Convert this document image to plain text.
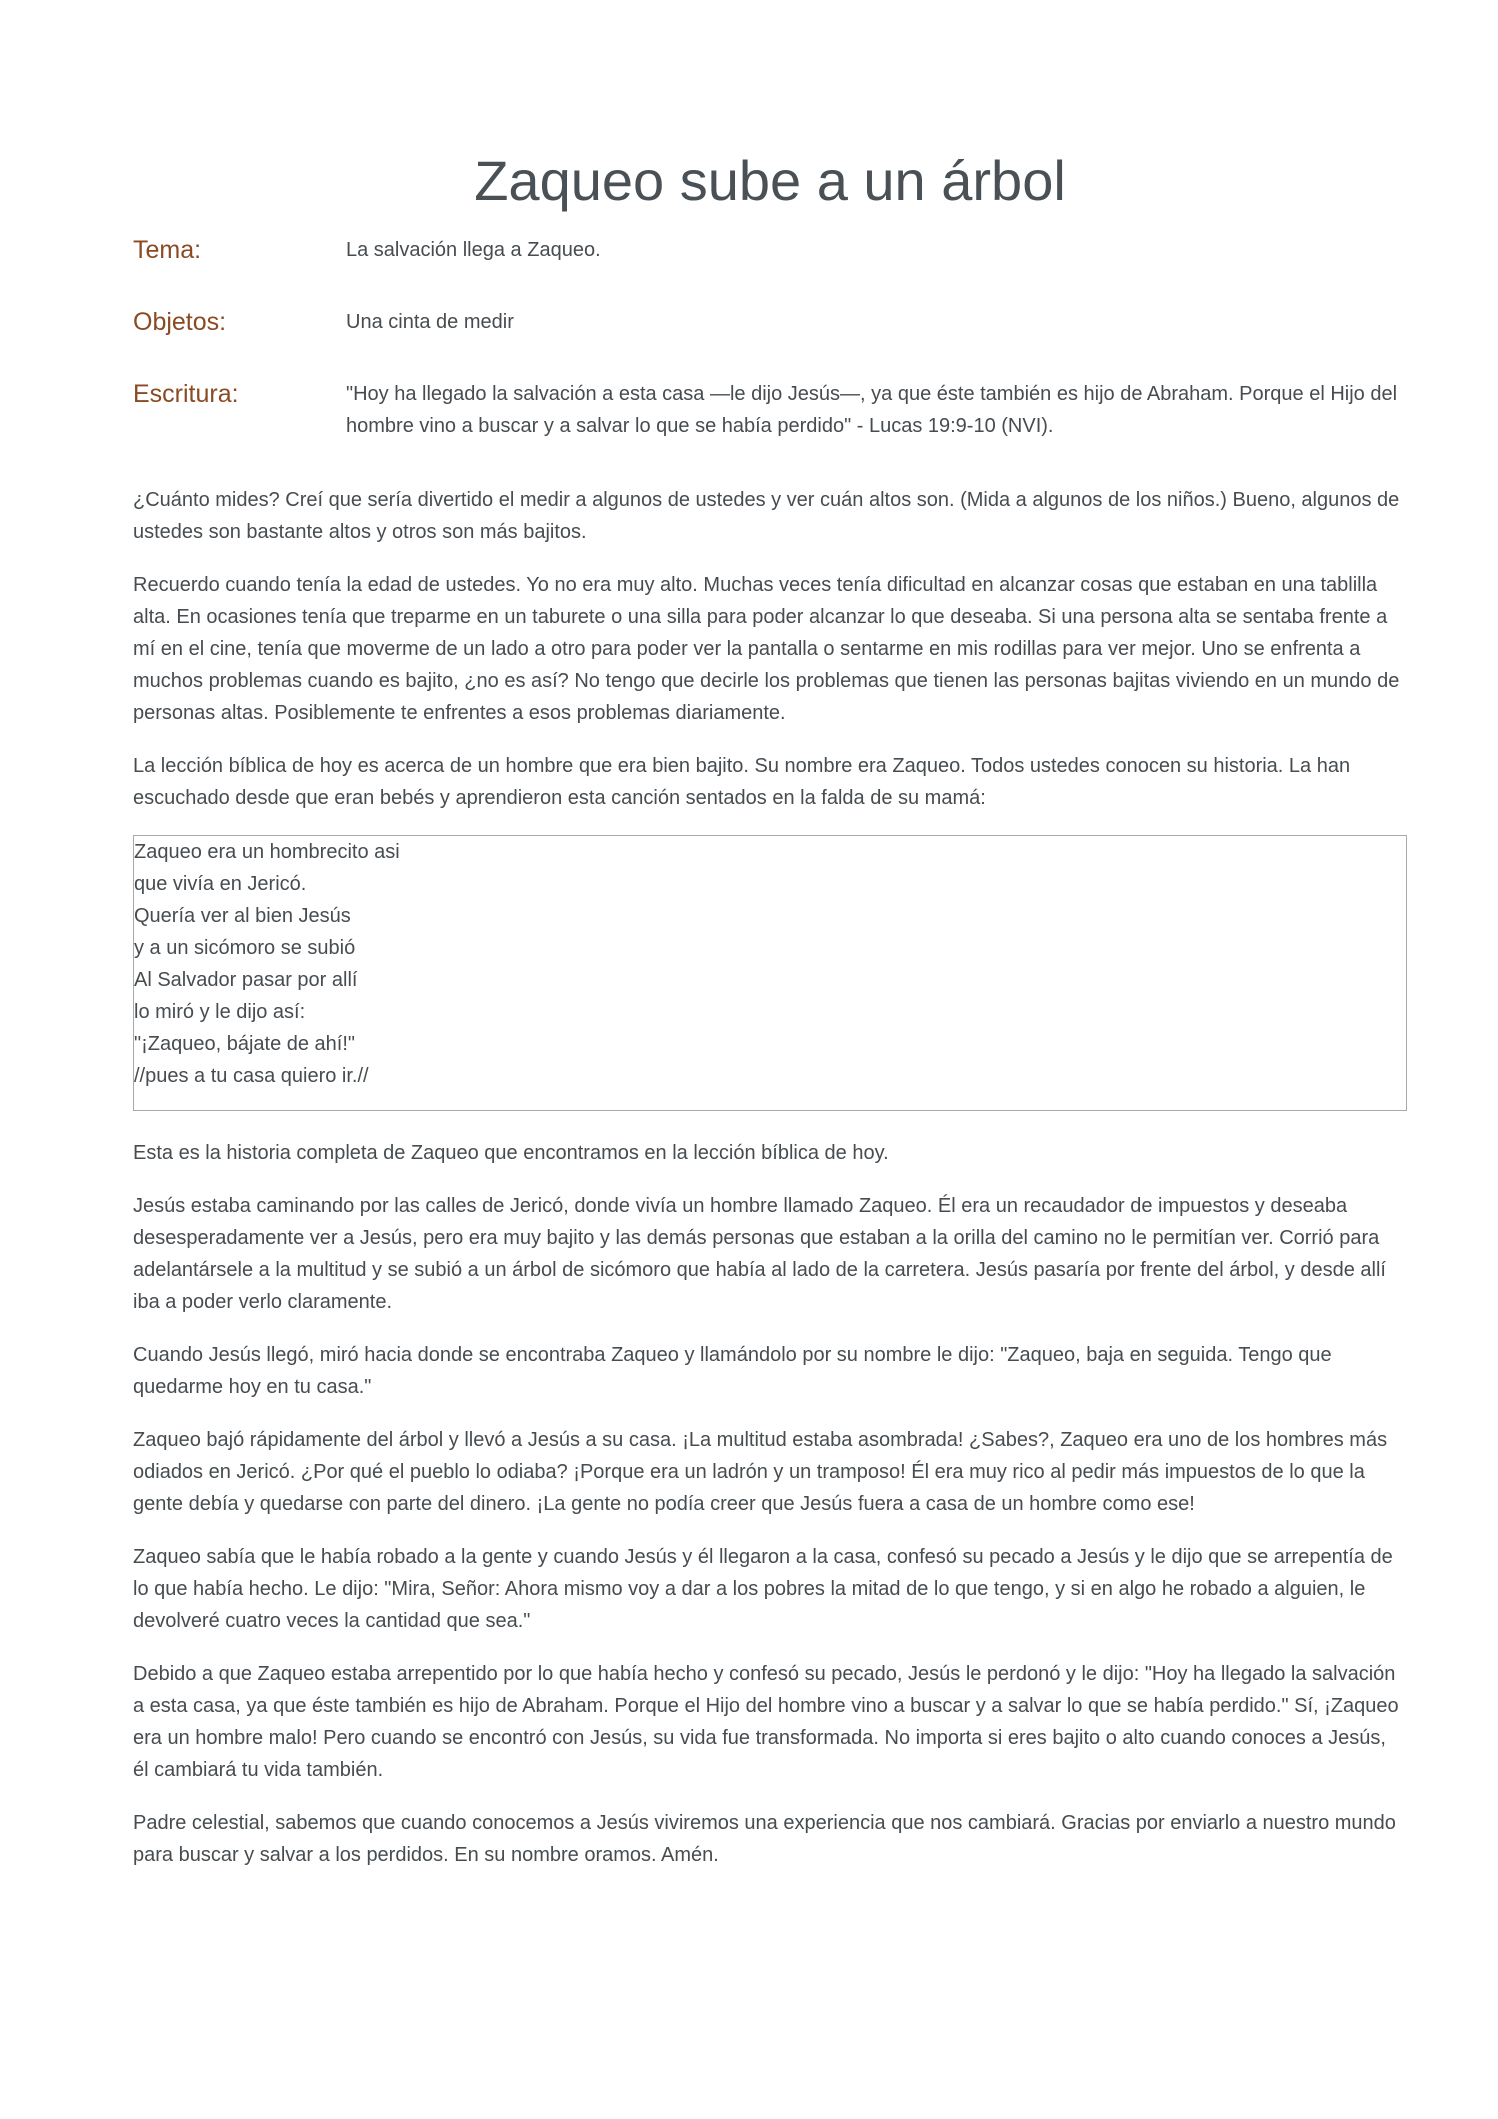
Zaqueo sube a un árbol
Tema:	La salvación llega a Zaqueo.
Objetos:	Una cinta de medir
Escritura:	"Hoy ha llegado la salvación a esta casa —le dijo Jesús—, ya que éste también es hijo de Abraham. Porque el Hijo del hombre vino a buscar y a salvar lo que se había perdido" - Lucas 19:9-10 (NVI).

¿Cuánto mides? Creí que sería divertido el medir a algunos de ustedes y ver cuán altos son. (Mida a algunos de los niños.) Bueno, algunos de ustedes son bastante altos y otros son más bajitos.

Recuerdo cuando tenía la edad de ustedes. Yo no era muy alto. Muchas veces tenía dificultad en alcanzar cosas que estaban en una tablilla alta. En ocasiones tenía que treparme en un taburete o una silla para poder alcanzar lo que deseaba. Si una persona alta se sentaba frente a mí en el cine, tenía que moverme de un lado a otro para poder ver la pantalla o sentarme en mis rodillas para ver mejor. Uno se enfrenta a muchos problemas cuando es bajito, ¿no es así? No tengo que decirle los problemas que tienen las personas bajitas viviendo en un mundo de personas altas. Posiblemente te enfrentes a esos problemas diariamente.

La lección bíblica de hoy es acerca de un hombre que era bien bajito. Su nombre era Zaqueo. Todos ustedes conocen su historia. La han escuchado desde que eran bebés y aprendieron esta canción sentados en la falda de su mamá:

Zaqueo era un hombrecito asi
que vivía en Jericó.
Quería ver al bien Jesús
y a un sicómoro se subió
Al Salvador pasar por allí
lo miró y le dijo así:
"¡Zaqueo, bájate de ahí!"
//pues a tu casa quiero ir.//

Esta es la historia completa de Zaqueo que encontramos en la lección bíblica de hoy.

Jesús estaba caminando por las calles de Jericó, donde vivía un hombre llamado Zaqueo. Él era un recaudador de impuestos y deseaba desesperadamente ver a Jesús, pero era muy bajito y las demás personas que estaban a la orilla del camino no le permitían ver. Corrió para adelantársele a la multitud y se subió a un árbol de sicómoro que había al lado de la carretera. Jesús pasaría por frente del árbol, y desde allí iba a poder verlo claramente.

Cuando Jesús llegó, miró hacia donde se encontraba Zaqueo y llamándolo por su nombre le dijo: "Zaqueo, baja en seguida. Tengo que quedarme hoy en tu casa."

Zaqueo bajó rápidamente del árbol y llevó a Jesús a su casa. ¡La multitud estaba asombrada! ¿Sabes?, Zaqueo era uno de los hombres más odiados en Jericó. ¿Por qué el pueblo lo odiaba? ¡Porque era un ladrón y un tramposo! Él era muy rico al pedir más impuestos de lo que la gente debía y quedarse con parte del dinero. ¡La gente no podía creer que Jesús fuera a casa de un hombre como ese!

Zaqueo sabía que le había robado a la gente y cuando Jesús y él llegaron a la casa, confesó su pecado a Jesús y le dijo que se arrepentía de lo que había hecho. Le dijo: "Mira, Señor: Ahora mismo voy a dar a los pobres la mitad de lo que tengo, y si en algo he robado a alguien, le devolveré cuatro veces la cantidad que sea."

Debido a que Zaqueo estaba arrepentido por lo que había hecho y confesó su pecado, Jesús le perdonó y le dijo: "Hoy ha llegado la salvación a esta casa, ya que éste también es hijo de Abraham. Porque el Hijo del hombre vino a buscar y a salvar lo que se había perdido." Sí, ¡Zaqueo era un hombre malo! Pero cuando se encontró con Jesús, su vida fue transformada. No importa si eres bajito o alto cuando conoces a Jesús, él cambiará tu vida también.

Padre celestial, sabemos que cuando conocemos a Jesús viviremos una experiencia que nos cambiará. Gracias por enviarlo a nuestro mundo para buscar y salvar a los perdidos. En su nombre oramos. Amén.
